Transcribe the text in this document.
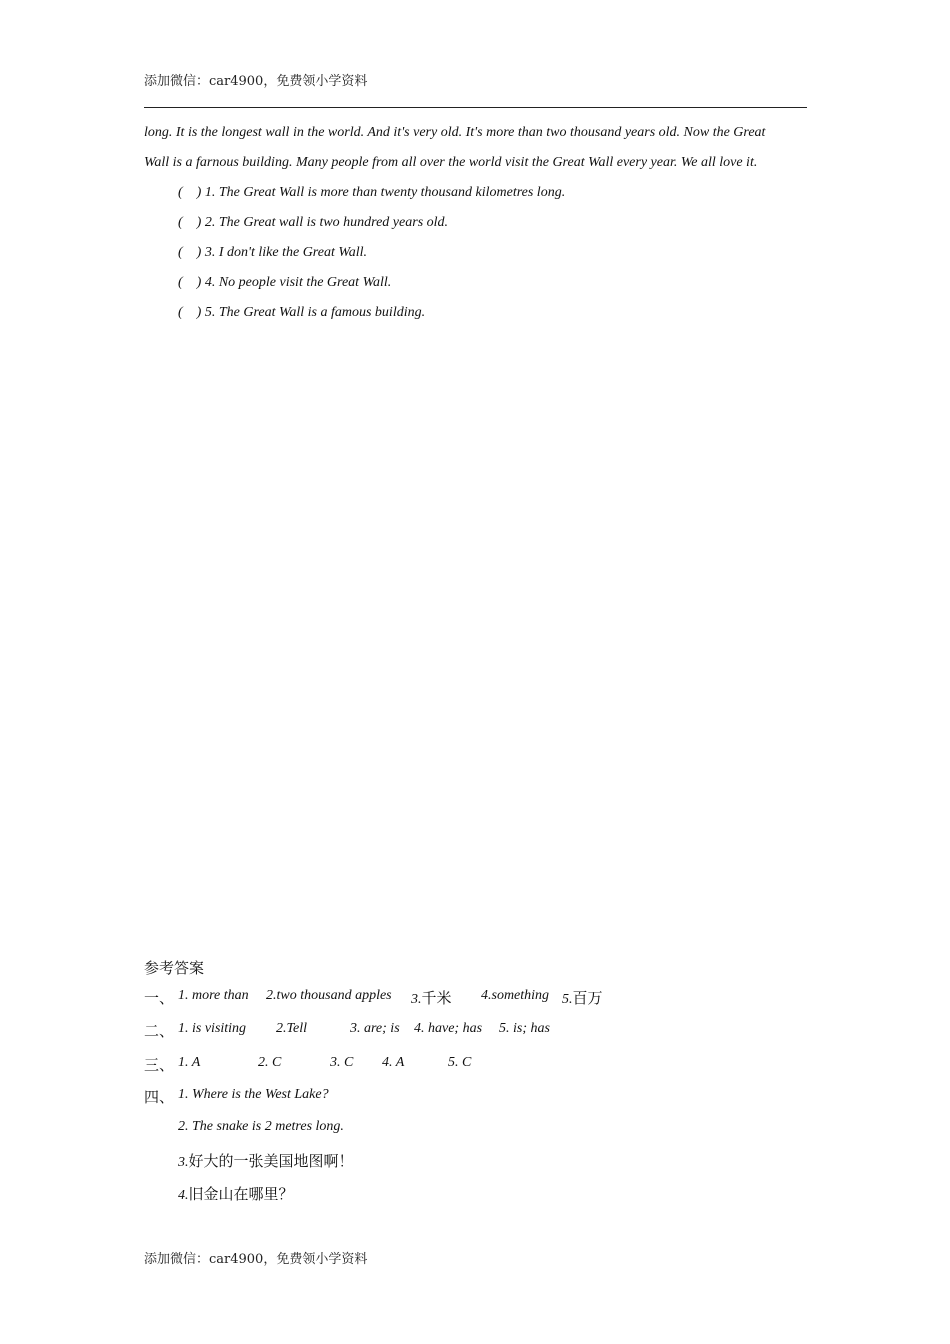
添加微信：car4900，免费领小学资料
long. It is the longest wall in the world. And it's very old. It's more than two thousand years old. Now the Great
Wall is a farnous building. Many people from all over the world visit the Great Wall every year. We all love it.
( ) 1. The Great Wall is more than twenty thousand kilometres long.
( ) 2. The Great wall is two hundred years old.
( ) 3. I don't like the Great Wall.
( ) 4. No people visit the Great Wall.
( ) 5. The Great Wall is a famous building.
参考答案
一、 1. more than 2.two thousand apples 3.千米 4.something 5.百万
二、 1. is visiting 2.Tell	3. are; is 4. have; has 5. is; has
三、 1. A	2. C	3. C 4. A	5. C
四、 1. Where is the West Lake?
2. The snake is 2 metres long.
3.好大的一张美国地图啊！
4.旧金山在哪里？
添加微信：car4900，免费领小学资料
